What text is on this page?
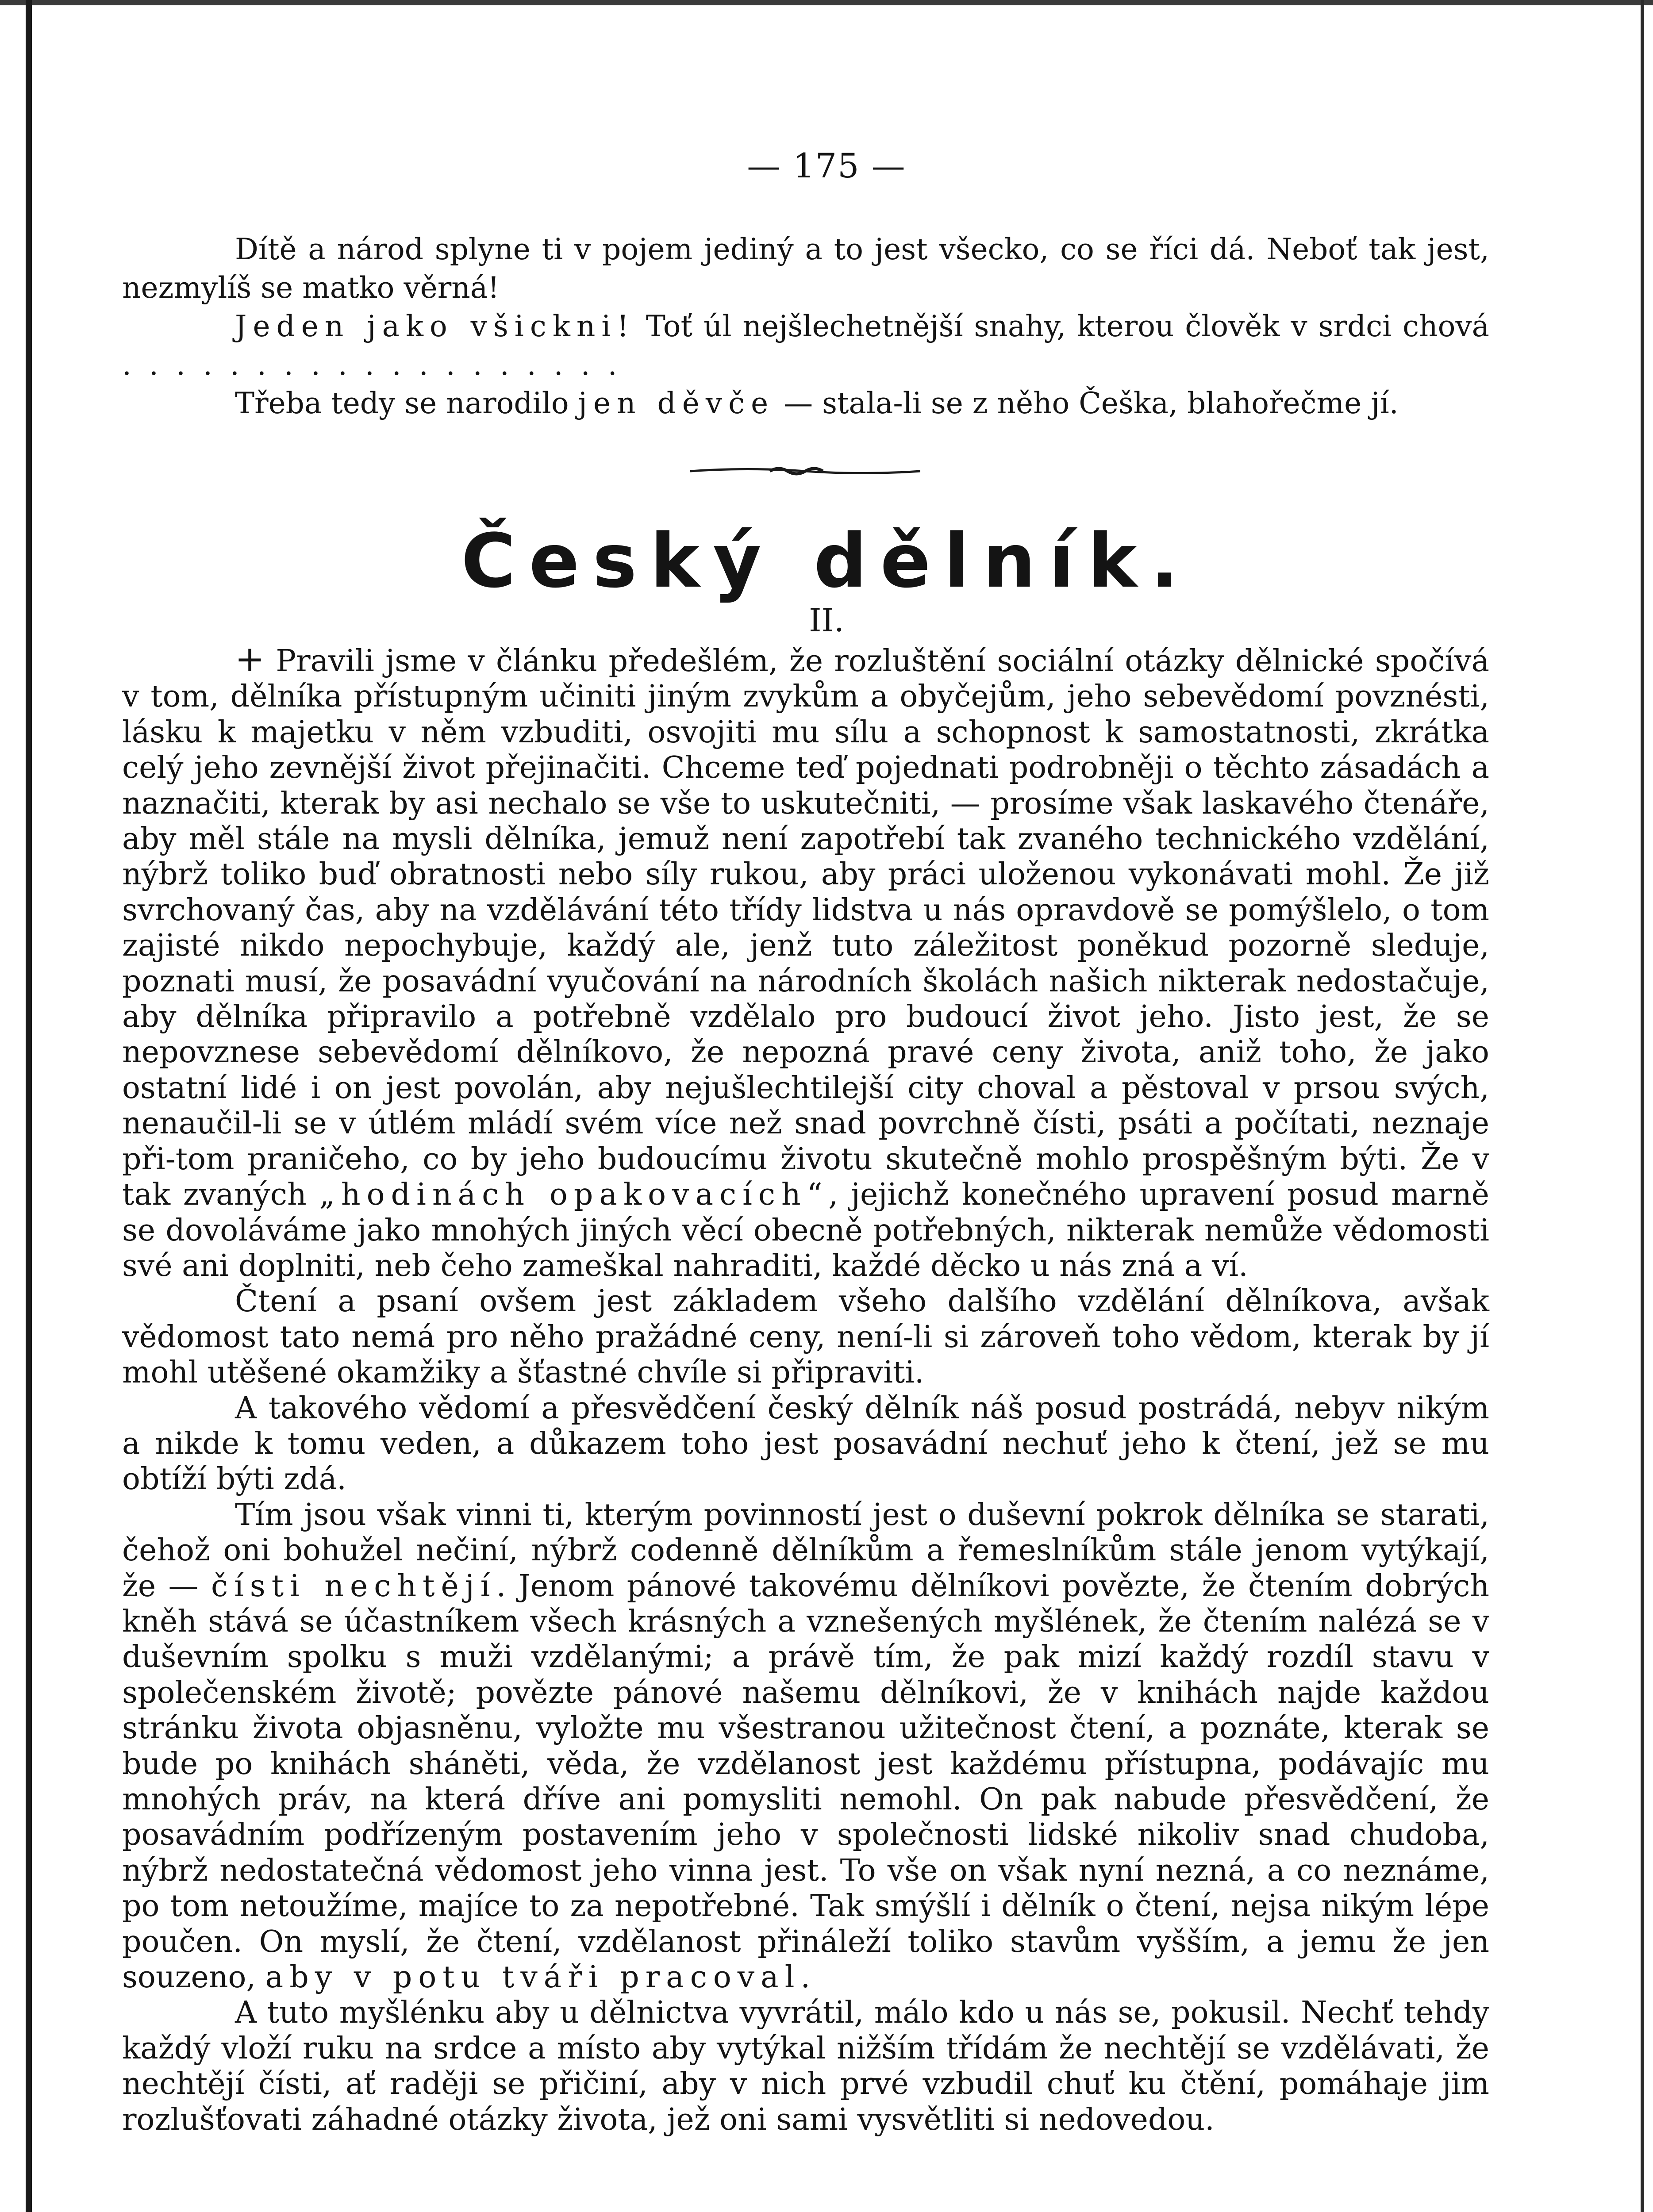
— 175 —

Dítě a národ splyne ti v pojem jediný a to jest všecko, co se říci dá. Neboť tak jest, nezmylíš se matko věrná!

Jeden jako všickni! Toť úl nejšlechetnější snahy, kterou člověk v srdci chová ...................

Třeba tedy se narodilo jen děvče — stala-li se z něho Češka, blahořečme jí.

Český dělník.
II.

+ Pravili jsme v článku předešlém, že rozluštění sociální otázky dělnické spočívá v tom, dělníka přístupným učiniti jiným zvykům a obyčejům, jeho sebevědomí povznésti, lásku k majetku v něm vzbuditi, osvojiti mu sílu a schopnost k samostatnosti, zkrátka celý jeho zevnější život přejinačiti. Chceme teď pojednati podrobněji o těchto zásadách a naznačiti, kterak by asi nechalo se vše to uskutečniti, — prosíme však laskavého čtenáře, aby měl stále na mysli dělníka, jemuž není zapotřebí tak zvaného technického vzdělání, nýbrž toliko buď obratnosti nebo síly rukou, aby práci uloženou vykonávati mohl. Že již svrchovaný čas, aby na vzdělávání této třídy lidstva u nás opravdově se pomýšlelo, o tom zajisté nikdo nepochybuje, každý ale, jenž tuto záležitost poněkud pozorně sleduje, poznati musí, že posavádní vyučování na národních školách našich nikterak nedostačuje, aby dělníka připravilo a potřebně vzdělalo pro budoucí život jeho. Jisto jest, že se nepovznese sebevědomí dělníkovo, že nepozná pravé ceny života, aniž toho, že jako ostatní lidé i on jest povolán, aby nejušlechtilejší city choval a pěstoval v prsou svých, nenaučil-li se v útlém mládí svém více než snad povrchně čísti, psáti a počítati, neznaje při-tom praničeho, co by jeho budoucímu životu skutečně mohlo prospěšným býti. Že v tak zvaných „hodinách opakovacích“, jejichž konečného upravení posud marně se dovoláváme jako mnohých jiných věcí obecně potřebných, nikterak nemůže vědomosti své ani doplniti, neb čeho zameškal nahraditi, každé děcko u nás zná a ví.

Čtení a psaní ovšem jest základem všeho dalšího vzdělání dělníkova, avšak vědomost tato nemá pro něho pražádné ceny, není-li si zároveň toho vědom, kterak by jí mohl utěšené okamžiky a šťastné chvíle si připraviti.

A takového vědomí a přesvědčení český dělník náš posud postrádá, nebyv nikým a nikde k tomu veden, a důkazem toho jest posavádní nechuť jeho k čtení, jež se mu obtíží býti zdá.

Tím jsou však vinni ti, kterým povinností jest o duševní pokrok dělníka se starati, čehož oni bohužel nečiní, nýbrž codenně dělníkům a řemeslníkům stále jenom vytýkají, že — čísti nechtějí. Jenom pánové takovému dělníkovi povězte, že čtením dobrých kněh stává se účastníkem všech krásných a vznešených myšlének, že čtením nalézá se v duševním spolku s muži vzdělanými; a právě tím, že pak mizí každý rozdíl stavu v společenském životě; povězte pánové našemu dělníkovi, že v knihách najde každou stránku života objasněnu, vyložte mu všestranou užitečnost čtení, a poznáte, kterak se bude po knihách sháněti, věda, že vzdělanost jest každému přístupna, podávajíc mu mnohých práv, na která dříve ani pomysliti nemohl. On pak nabude přesvědčení, že posavádním podřízeným postavením jeho v společnosti lidské nikoliv snad chudoba, nýbrž nedostatečná vědomost jeho vinna jest. To vše on však nyní nezná, a co neznáme, po tom netoužíme, majíce to za nepotřebné. Tak smýšlí i dělník o čtení, nejsa nikým lépe poučen. On myslí, že čtení, vzdělanost přináleží toliko stavům vyšším, a jemu že jen souzeno, aby v potu tváři pracoval.

A tuto myšlénku aby u dělnictva vyvrátil, málo kdo u nás se, pokusil. Nechť tehdy každý vloží ruku na srdce a místo aby vytýkal nižším třídám že nechtějí se vzdělávati, že nechtějí čísti, ať raději se přičiní, aby v nich prvé vzbudil chuť ku čtění, pomáhaje jim rozlušťovati záhadné otázky života, jež oni sami vysvětliti si nedovedou.
